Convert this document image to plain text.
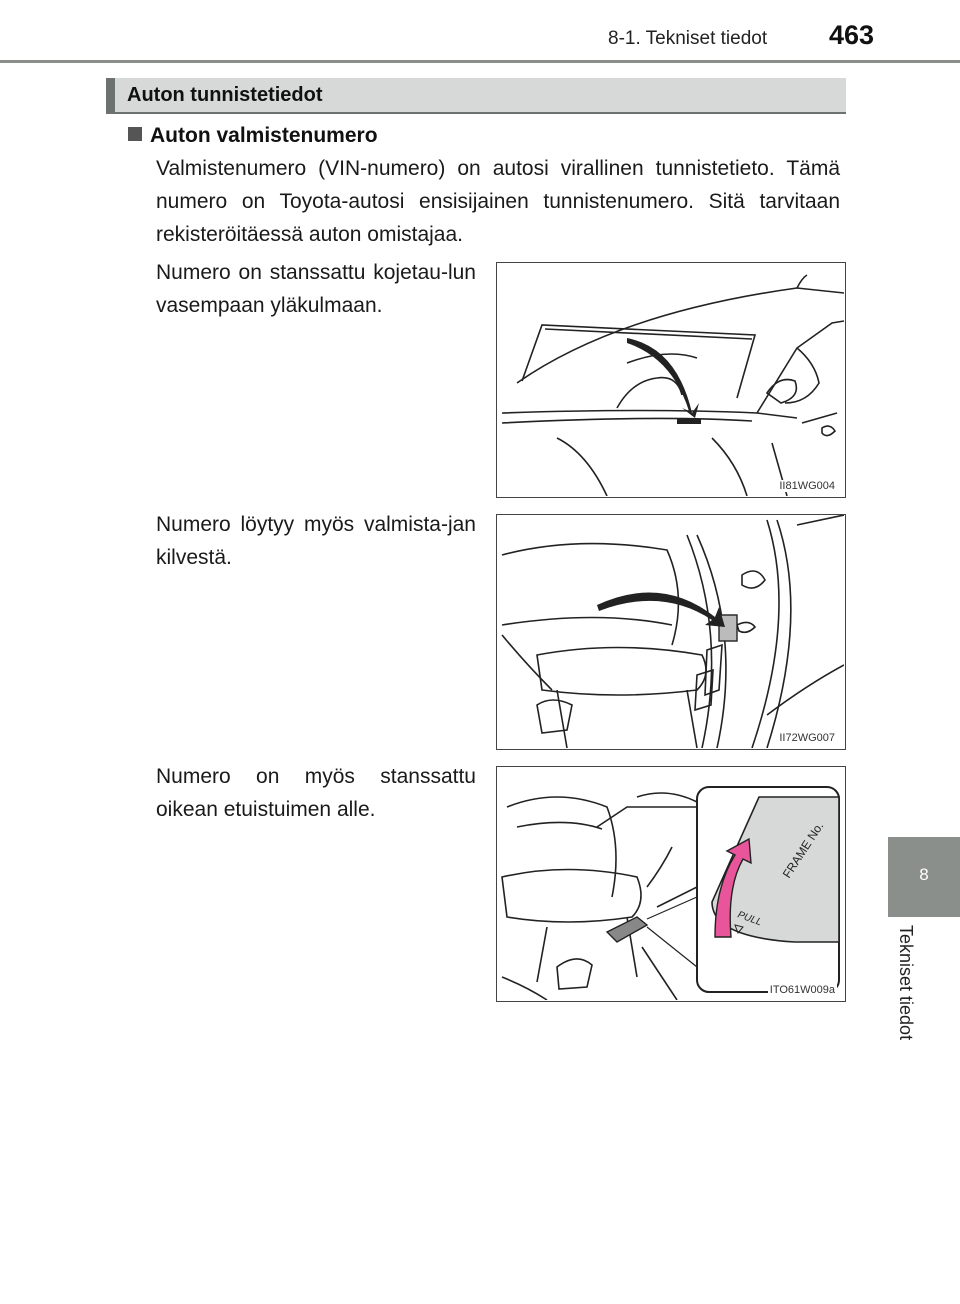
8-1. Tekniset tiedot 463
Auton tunnistetiedot
Auton valmistenumero
Valmistenumero (VIN-numero) on autosi virallinen tunnistetieto. Tämä numero on Toyota-autosi ensisijainen tunnistenumero. Sitä tarvitaan rekisteröitäessä auton omistajaa.
Numero on stanssattu kojetau-lun vasempaan yläkulmaan.
II81WG004
Numero löytyy myös valmista-jan kilvestä.
II72WG007
Numero on myös stanssattu oikean etuistuimen alle.
FRAME No.
PULL
ITO61W009a
8
Tekniset tiedot
